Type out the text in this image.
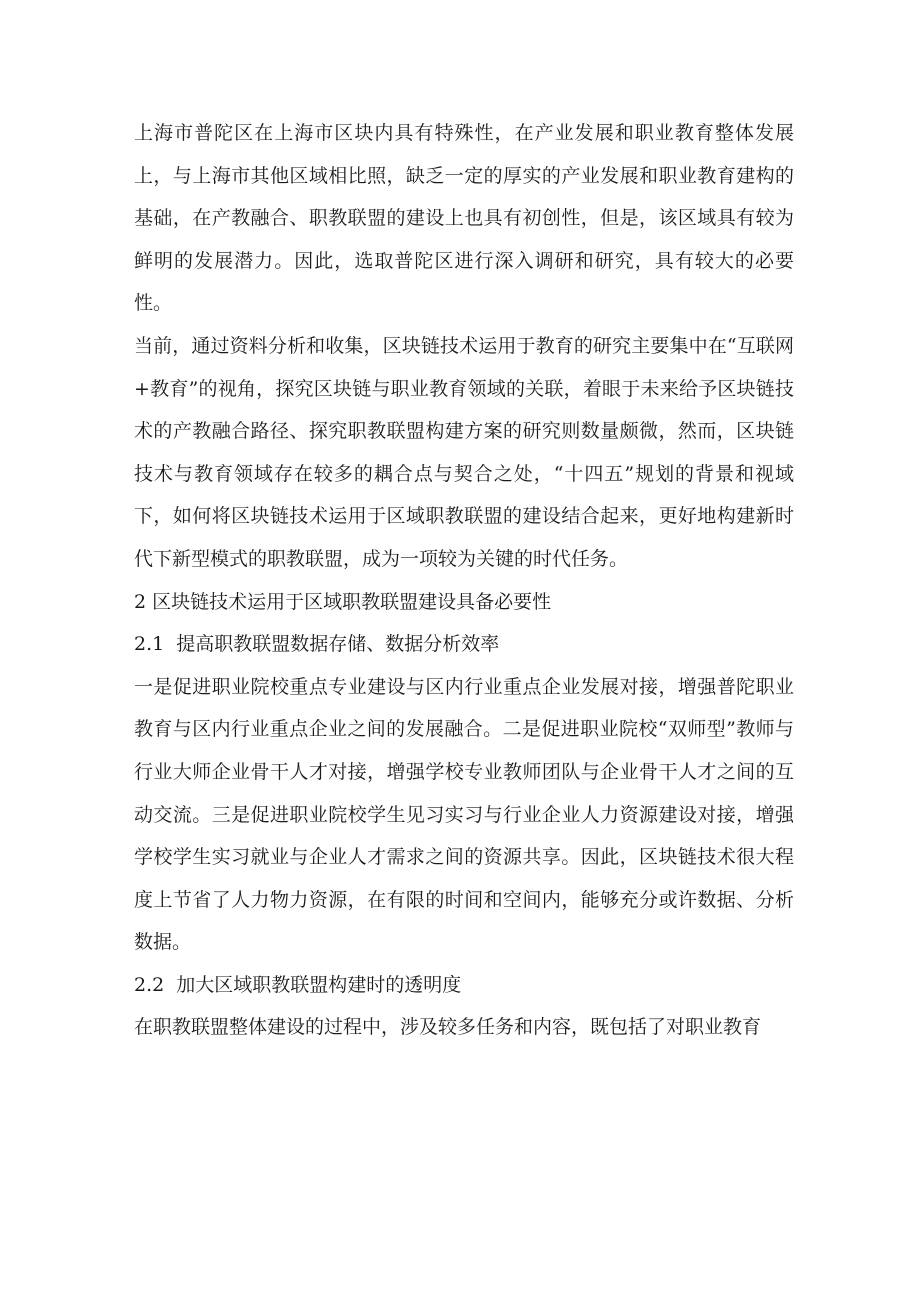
上海市普陀区在上海市区块内具有特殊性，在产业发展和职业教育整体发展上，与上海市其他区域相比照，缺乏一定的厚实的产业发展和职业教育建构的基础，在产教融合、职教联盟的建设上也具有初创性，但是，该区域具有较为鲜明的发展潜力。因此，选取普陀区进行深入调研和研究，具有较大的必要性。

当前，通过资料分析和收集，区块链技术运用于教育的研究主要集中在“互联网+教育”的视角，探究区块链与职业教育领域的关联，着眼于未来给予区块链技术的产教融合路径、探究职教联盟构建方案的研究则数量颇微，然而，区块链技术与教育领域存在较多的耦合点与契合之处，“十四五”规划的背景和视域下，如何将区块链技术运用于区域职教联盟的建设结合起来，更好地构建新时代下新型模式的职教联盟，成为一项较为关键的时代任务。

2 区块链技术运用于区域职教联盟建设具备必要性

2.1  提高职教联盟数据存储、数据分析效率

一是促进职业院校重点专业建设与区内行业重点企业发展对接，增强普陀职业教育与区内行业重点企业之间的发展融合。二是促进职业院校“双师型”教师与行业大师企业骨干人才对接，增强学校专业教师团队与企业骨干人才之间的互动交流。三是促进职业院校学生见习实习与行业企业人力资源建设对接，增强学校学生实习就业与企业人才需求之间的资源共享。因此，区块链技术很大程度上节省了人力物力资源，在有限的时间和空间内，能够充分或许数据、分析数据。

2.2  加大区域职教联盟构建时的透明度

在职教联盟整体建设的过程中，涉及较多任务和内容，既包括了对职业教育
